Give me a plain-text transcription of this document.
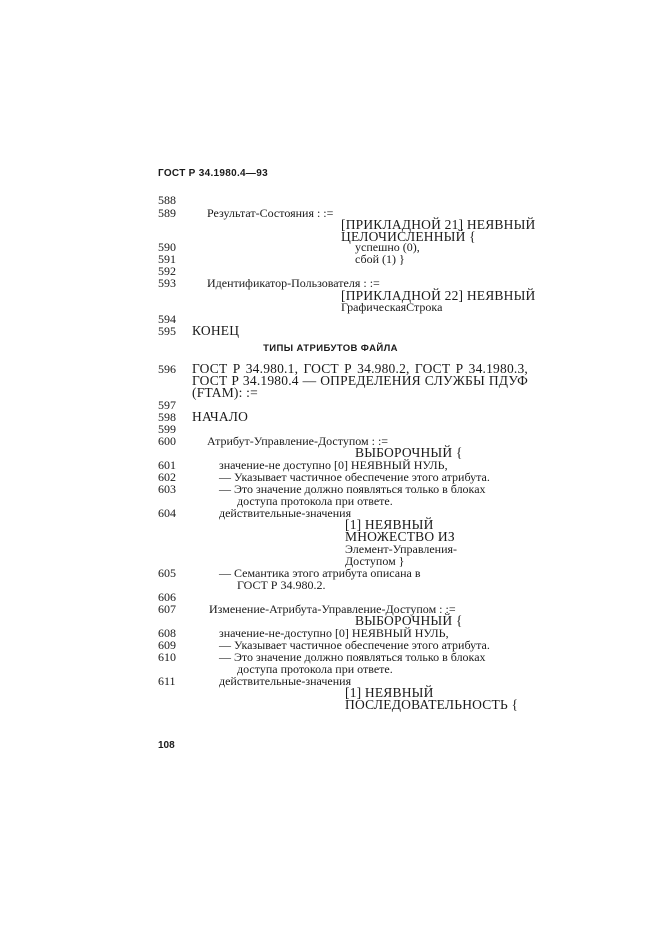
ГОСТ Р 34.1980.4—93
588
589
590
591
592
593
594
595
596
597
598
599
600
601
602
603
604
605
606
607
608
609
610
611
Результат-Состояния : :=
[ПРИКЛАДНОЙ 21] НЕЯВНЫЙ
ЦЕЛОЧИСЛЕННЫЙ {
успешно (0),
сбой (1) }
Идентификатор-Пользователя : :=
[ПРИКЛАДНОЙ 22] НЕЯВНЫЙ
ГрафическаяСтрока
КОНЕЦ
ТИПЫ АТРИБУТОВ ФАЙЛА
ГОСТ Р 34.980.1, ГОСТ Р 34.980.2, ГОСТ Р 34.1980.3,
ГОСТ Р 34.1980.4 — ОПРЕДЕЛЕНИЯ СЛУЖБЫ ПДУФ
(FTAM): :=
НАЧАЛО
Атрибут-Управление-Доступом : :=
ВЫБОРОЧНЫЙ {
значение-не доступно [0] НЕЯВНЫЙ НУЛЬ,
— Указывает частичное обеспечение этого атрибута.
— Это значение должно появляться только в блоках
доступа протокола при ответе.
действительные-значения
[1] НЕЯВНЫЙ
МНОЖЕСТВО ИЗ
Элемент-Управления-
Доступом }
— Семантика этого атрибута описана в
ГОСТ Р 34.980.2.
Изменение-Атрибута-Управление-Доступом : :=
ВЫБОРОЧНЫЙ {
значение-не-доступно [0] НЕЯВНЫЙ НУЛЬ,
— Указывает частичное обеспечение этого атрибута.
— Это значение должно появляться только в блоках
доступа протокола при ответе.
действительные-значения
[1] НЕЯВНЫЙ
ПОСЛЕДОВАТЕЛЬНОСТЬ {
108
